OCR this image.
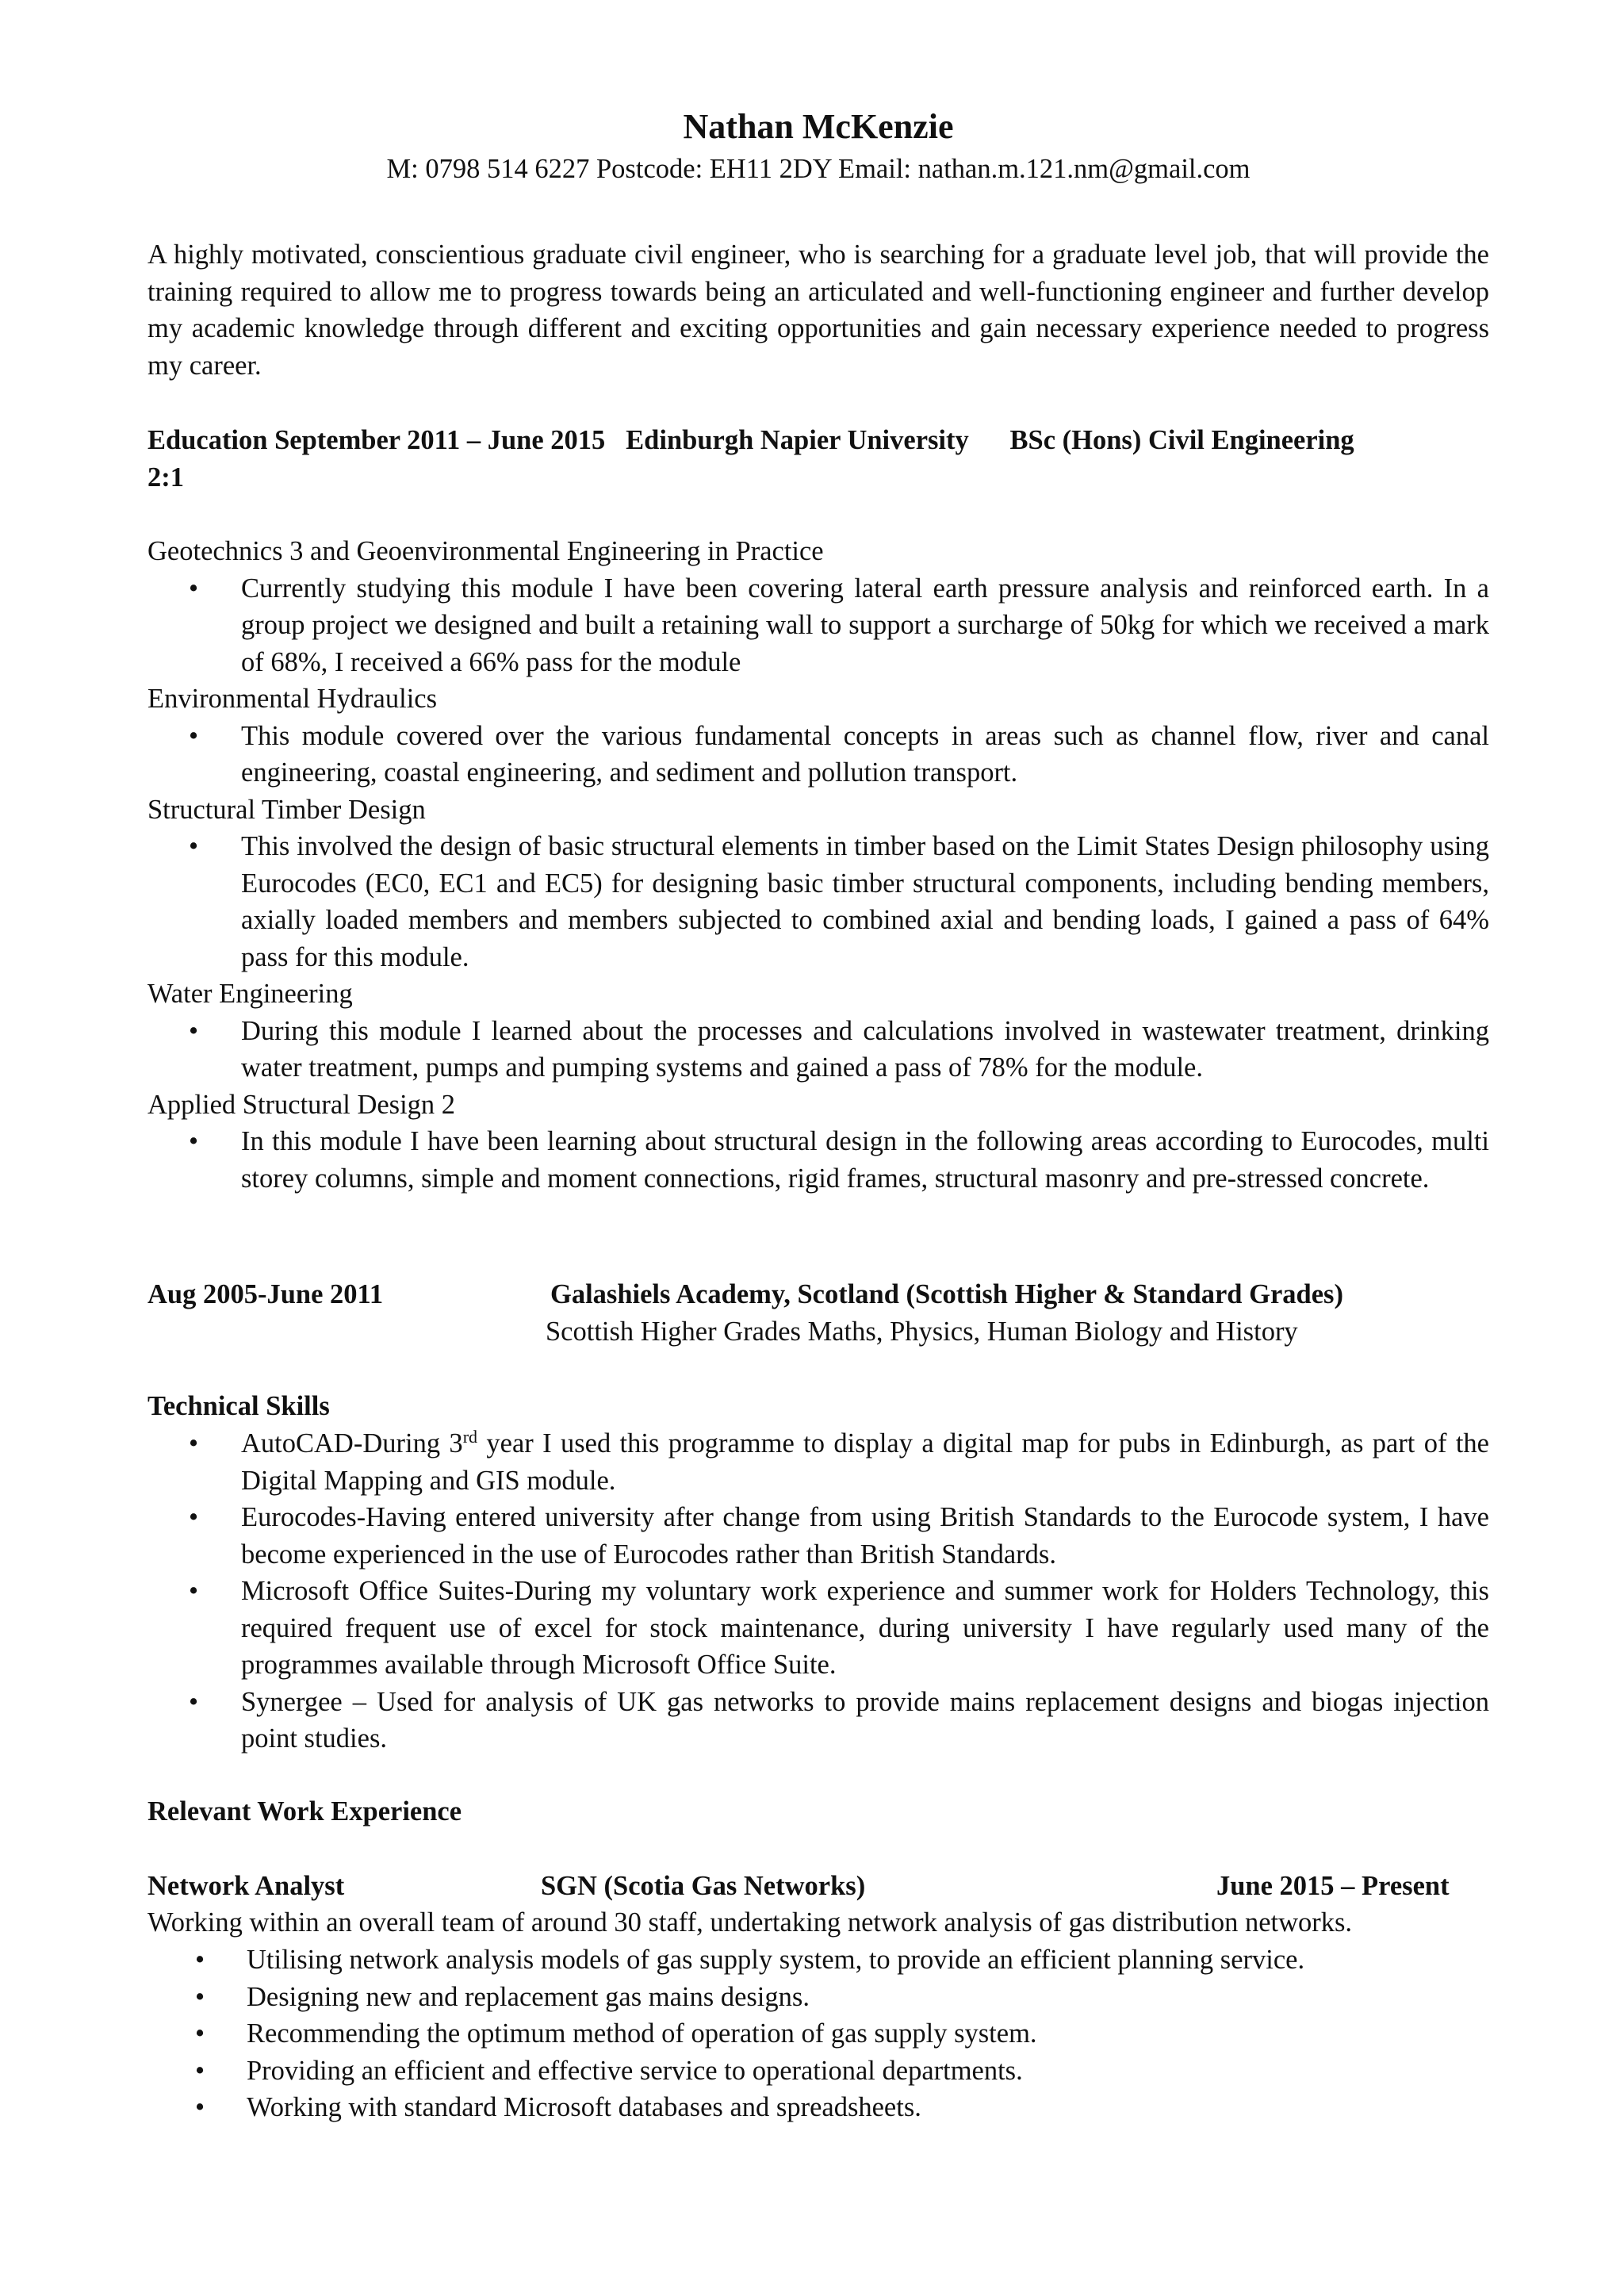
Nathan McKenzie
M: 0798 514 6227 Postcode: EH11 2DY Email: nathan.m.121.nm@gmail.com
A highly motivated, conscientious graduate civil engineer, who is searching for a graduate level job, that will provide the training required to allow me to progress towards being an articulated and well-functioning engineer and further develop my academic knowledge through different and exciting opportunities and gain necessary experience needed to progress my career.
Education September 2011 – June 2015   Edinburgh Napier University      BSc (Hons) Civil Engineering
2:1
Geotechnics 3 and Geoenvironmental Engineering in Practice
• Currently studying this module I have been covering lateral earth pressure analysis and reinforced earth. In a group project we designed and built a retaining wall to support a surcharge of 50kg for which we received a mark of 68%, I received a 66% pass for the module
Environmental Hydraulics
• This module covered over the various fundamental concepts in areas such as channel flow, river and canal engineering, coastal engineering, and sediment and pollution transport.
Structural Timber Design
• This involved the design of basic structural elements in timber based on the Limit States Design philosophy using Eurocodes (EC0, EC1 and EC5) for designing basic timber structural components, including bending members, axially loaded members and members subjected to combined axial and bending loads, I gained a pass of 64% pass for this module.
Water Engineering
• During this module I learned about the processes and calculations involved in wastewater treatment, drinking water treatment, pumps and pumping systems and gained a pass of 78% for the module.
Applied Structural Design 2
• In this module I have been learning about structural design in the following areas according to Eurocodes, multi storey columns, simple and moment connections, rigid frames, structural masonry and pre-stressed concrete.
Aug 2005-June 2011	Galashiels Academy, Scotland (Scottish Higher & Standard Grades)
Scottish Higher Grades Maths, Physics, Human Biology and History
Technical Skills
• AutoCAD-During 3rd year I used this programme to display a digital map for pubs in Edinburgh, as part of the Digital Mapping and GIS module.
• Eurocodes-Having entered university after change from using British Standards to the Eurocode system, I have become experienced in the use of Eurocodes rather than British Standards.
• Microsoft Office Suites-During my voluntary work experience and summer work for Holders Technology, this required frequent use of excel for stock maintenance, during university I have regularly used many of the programmes available through Microsoft Office Suite.
• Synergee – Used for analysis of UK gas networks to provide mains replacement designs and biogas injection point studies.
Relevant Work Experience
Network Analyst	SGN (Scotia Gas Networks)	June 2015 – Present
Working within an overall team of around 30 staff, undertaking network analysis of gas distribution networks.
• Utilising network analysis models of gas supply system, to provide an efficient planning service.
• Designing new and replacement gas mains designs.
• Recommending the optimum method of operation of gas supply system.
• Providing an efficient and effective service to operational departments.
• Working with standard Microsoft databases and spreadsheets.
